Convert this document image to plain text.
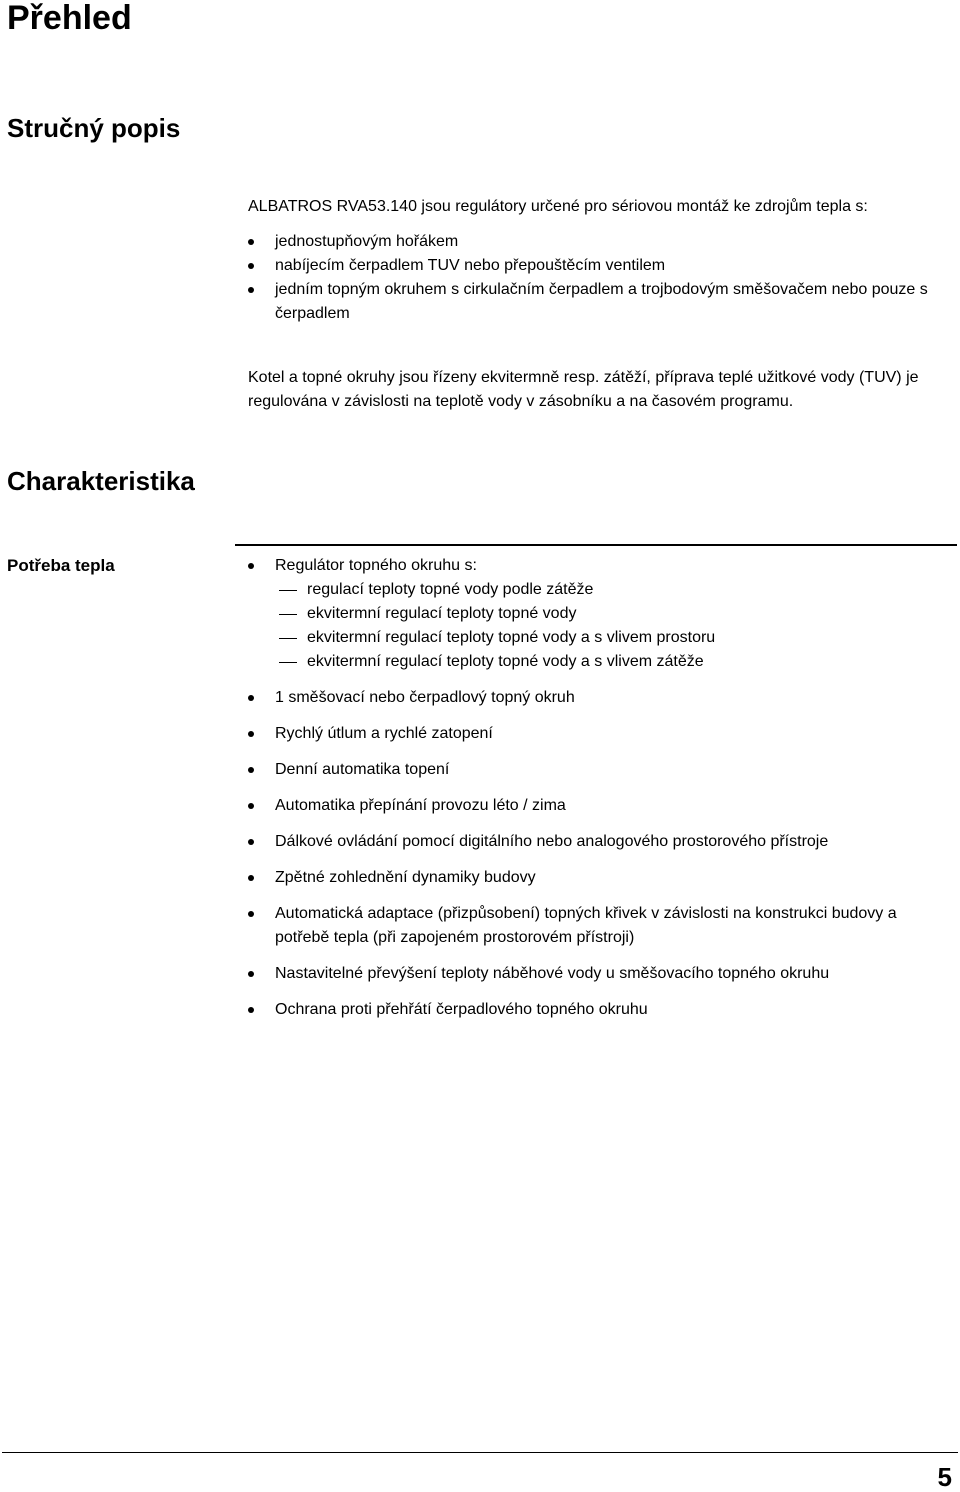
Přehled
Stručný popis

ALBATROS RVA53.140 jsou regulátory určené pro sériovou montáž ke zdrojům tepla s:

jednostupňovým hořákem
nabíjecím čerpadlem TUV nebo přepouštěcím ventilem
jedním topným okruhem s cirkulačním čerpadlem a trojbodovým směšovačem nebo pouze s čerpadlem

Kotel a topné okruhy jsou řízeny ekvitermně resp. zátěží, příprava teplé užitkové vody (TUV) je regulována v závislosti na teplotě vody v zásobníku a na časovém programu.

Charakteristika
Potřeba tepla	Regulátor topného okruhu s:
regulací teploty topné vody podle zátěže
ekvitermní regulací teploty topné vody
ekvitermní regulací teploty topné vody a s vlivem prostoru
ekvitermní regulací teploty topné vody a s vlivem zátěže
1 směšovací nebo čerpadlový topný okruh
Rychlý útlum a rychlé zatopení
Denní automatika topení
Automatika přepínání provozu léto / zima
Dálkové ovládání pomocí digitálního nebo analogového prostorového přístroje
Zpětné zohlednění dynamiky budovy
Automatická adaptace (přizpůsobení) topných křivek v závislosti na konstrukci budovy a potřebě tepla (při zapojeném prostorovém přístroji)
Nastavitelné převýšení teploty náběhové vody u směšovacího topného okruhu
Ochrana proti přehřátí čerpadlového topného okruhu
5
